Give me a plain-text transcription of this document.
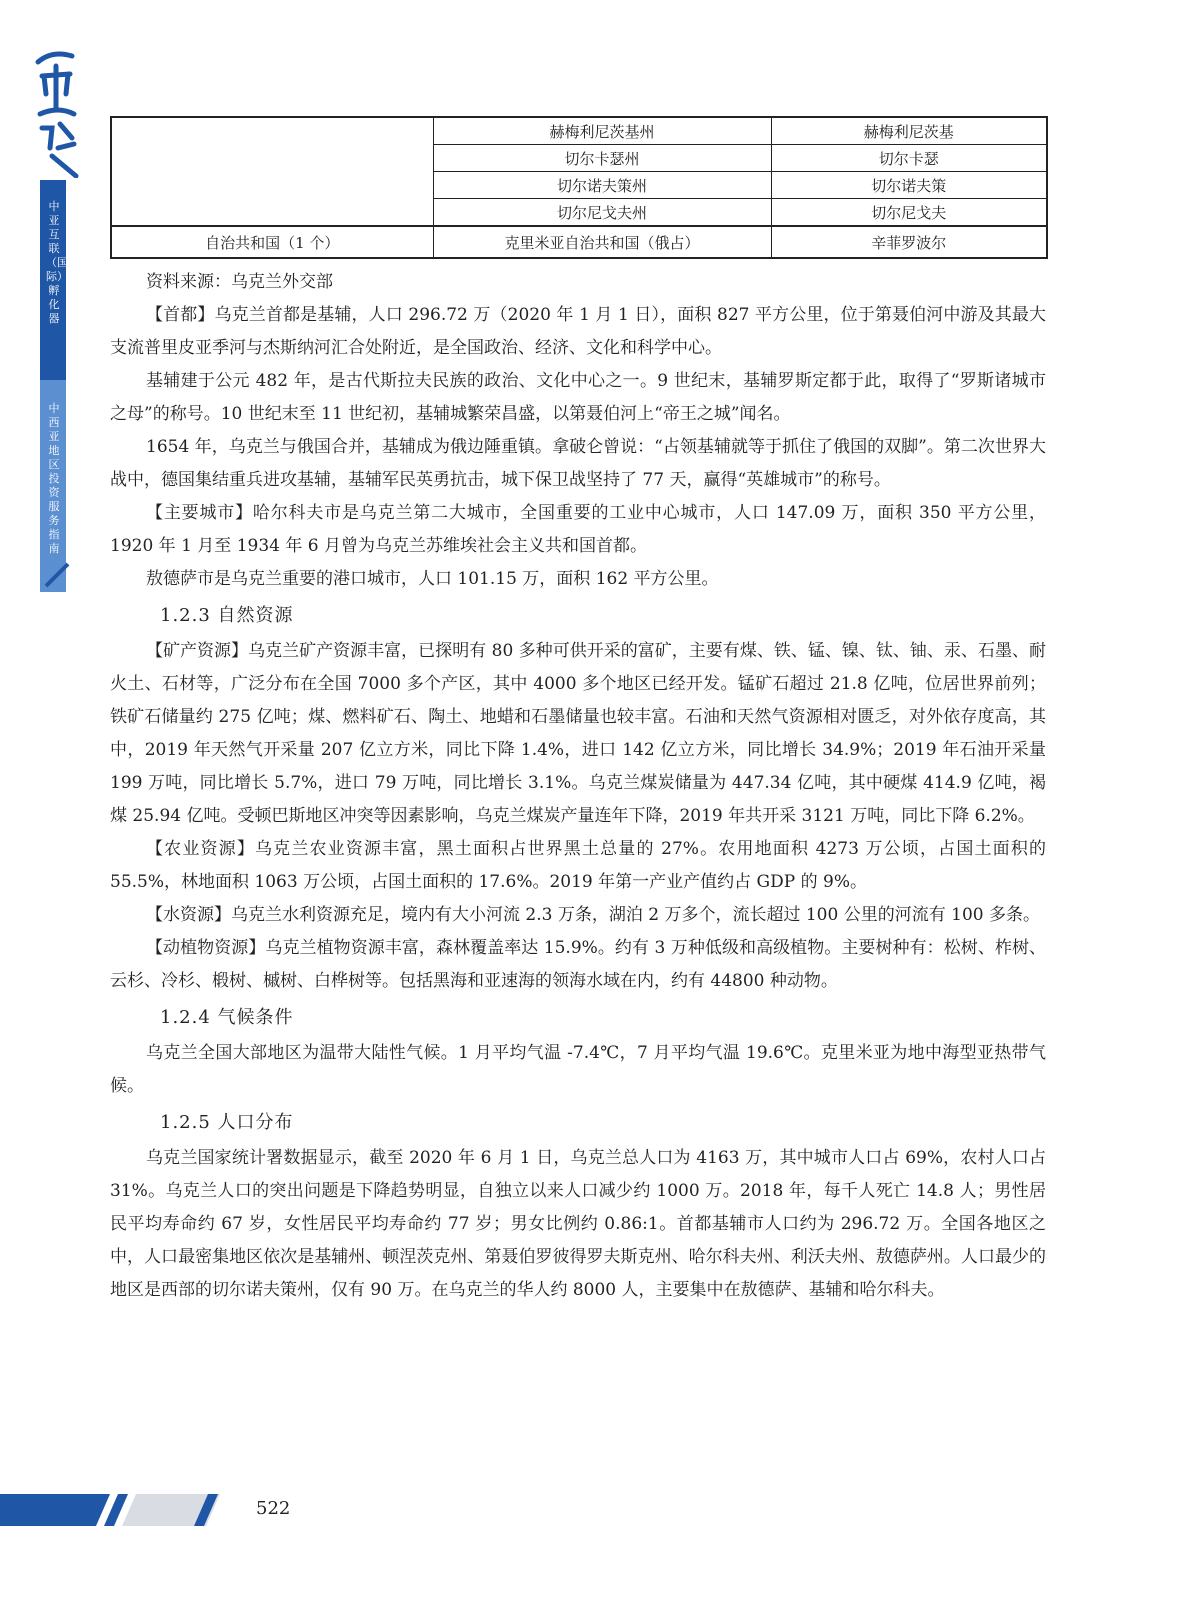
中亚互联（国际）孵化器
中西亚地区投资服务指南
	赫梅利尼茨基州	赫梅利尼茨基
	切尔卡瑟州	切尔卡瑟
	切尔诺夫策州	切尔诺夫策
	切尔尼戈夫州	切尔尼戈夫
自治共和国（1 个）	克里米亚自治共和国（俄占）	辛菲罗波尔

资料来源：乌克兰外交部

【首都】乌克兰首都是基辅，人口 296.72 万（2020 年 1 月 1 日），面积 827 平方公里，位于第聂伯河中游及其最大支流普里皮亚季河与杰斯纳河汇合处附近，是全国政治、经济、文化和科学中心。

基辅建于公元 482 年，是古代斯拉夫民族的政治、文化中心之一。9 世纪末，基辅罗斯定都于此，取得了“罗斯诸城市之母”的称号。10 世纪末至 11 世纪初，基辅城繁荣昌盛，以第聂伯河上“帝王之城”闻名。

1654 年，乌克兰与俄国合并，基辅成为俄边陲重镇。拿破仑曾说：“占领基辅就等于抓住了俄国的双脚”。第二次世界大战中，德国集结重兵进攻基辅，基辅军民英勇抗击，城下保卫战坚持了 77 天，赢得“英雄城市”的称号。

【主要城市】哈尔科夫市是乌克兰第二大城市，全国重要的工业中心城市，人口 147.09 万，面积 350 平方公里，1920 年 1 月至 1934 年 6 月曾为乌克兰苏维埃社会主义共和国首都。

敖德萨市是乌克兰重要的港口城市，人口 101.15 万，面积 162 平方公里。

1.2.3 自然资源

【矿产资源】乌克兰矿产资源丰富，已探明有 80 多种可供开采的富矿，主要有煤、铁、锰、镍、钛、铀、汞、石墨、耐火土、石材等，广泛分布在全国 7000 多个产区，其中 4000 多个地区已经开发。锰矿石超过 21.8 亿吨，位居世界前列；铁矿石储量约 275 亿吨；煤、燃料矿石、陶土、地蜡和石墨储量也较丰富。石油和天然气资源相对匮乏，对外依存度高，其中，2019 年天然气开采量 207 亿立方米，同比下降 1.4%，进口 142 亿立方米，同比增长 34.9%；2019 年石油开采量 199 万吨，同比增长 5.7%，进口 79 万吨，同比增长 3.1%。乌克兰煤炭储量为 447.34 亿吨，其中硬煤 414.9 亿吨，褐煤 25.94 亿吨。受顿巴斯地区冲突等因素影响，乌克兰煤炭产量连年下降，2019 年共开采 3121 万吨，同比下降 6.2%。

【农业资源】乌克兰农业资源丰富，黑土面积占世界黑土总量的 27%。农用地面积 4273 万公顷，占国土面积的 55.5%，林地面积 1063 万公顷，占国土面积的 17.6%。2019 年第一产业产值约占 GDP 的 9%。

【水资源】乌克兰水利资源充足，境内有大小河流 2.3 万条，湖泊 2 万多个，流长超过 100 公里的河流有 100 多条。

【动植物资源】乌克兰植物资源丰富，森林覆盖率达 15.9%。约有 3 万种低级和高级植物。主要树种有：松树、柞树、云杉、冷杉、椴树、槭树、白桦树等。包括黑海和亚速海的领海水域在内，约有 44800 种动物。

1.2.4 气候条件

乌克兰全国大部地区为温带大陆性气候。1 月平均气温 -7.4℃，7 月平均气温 19.6℃。克里米亚为地中海型亚热带气候。

1.2.5 人口分布

乌克兰国家统计署数据显示，截至 2020 年 6 月 1 日，乌克兰总人口为 4163 万，其中城市人口占 69%，农村人口占 31%。乌克兰人口的突出问题是下降趋势明显，自独立以来人口减少约 1000 万。2018 年，每千人死亡 14.8 人；男性居民平均寿命约 67 岁，女性居民平均寿命约 77 岁；男女比例约 0.86:1。首都基辅市人口约为 296.72 万。全国各地区之中，人口最密集地区依次是基辅州、顿涅茨克州、第聂伯罗彼得罗夫斯克州、哈尔科夫州、利沃夫州、敖德萨州。人口最少的地区是西部的切尔诺夫策州，仅有 90 万。在乌克兰的华人约 8000 人，主要集中在敖德萨、基辅和哈尔科夫。

522
